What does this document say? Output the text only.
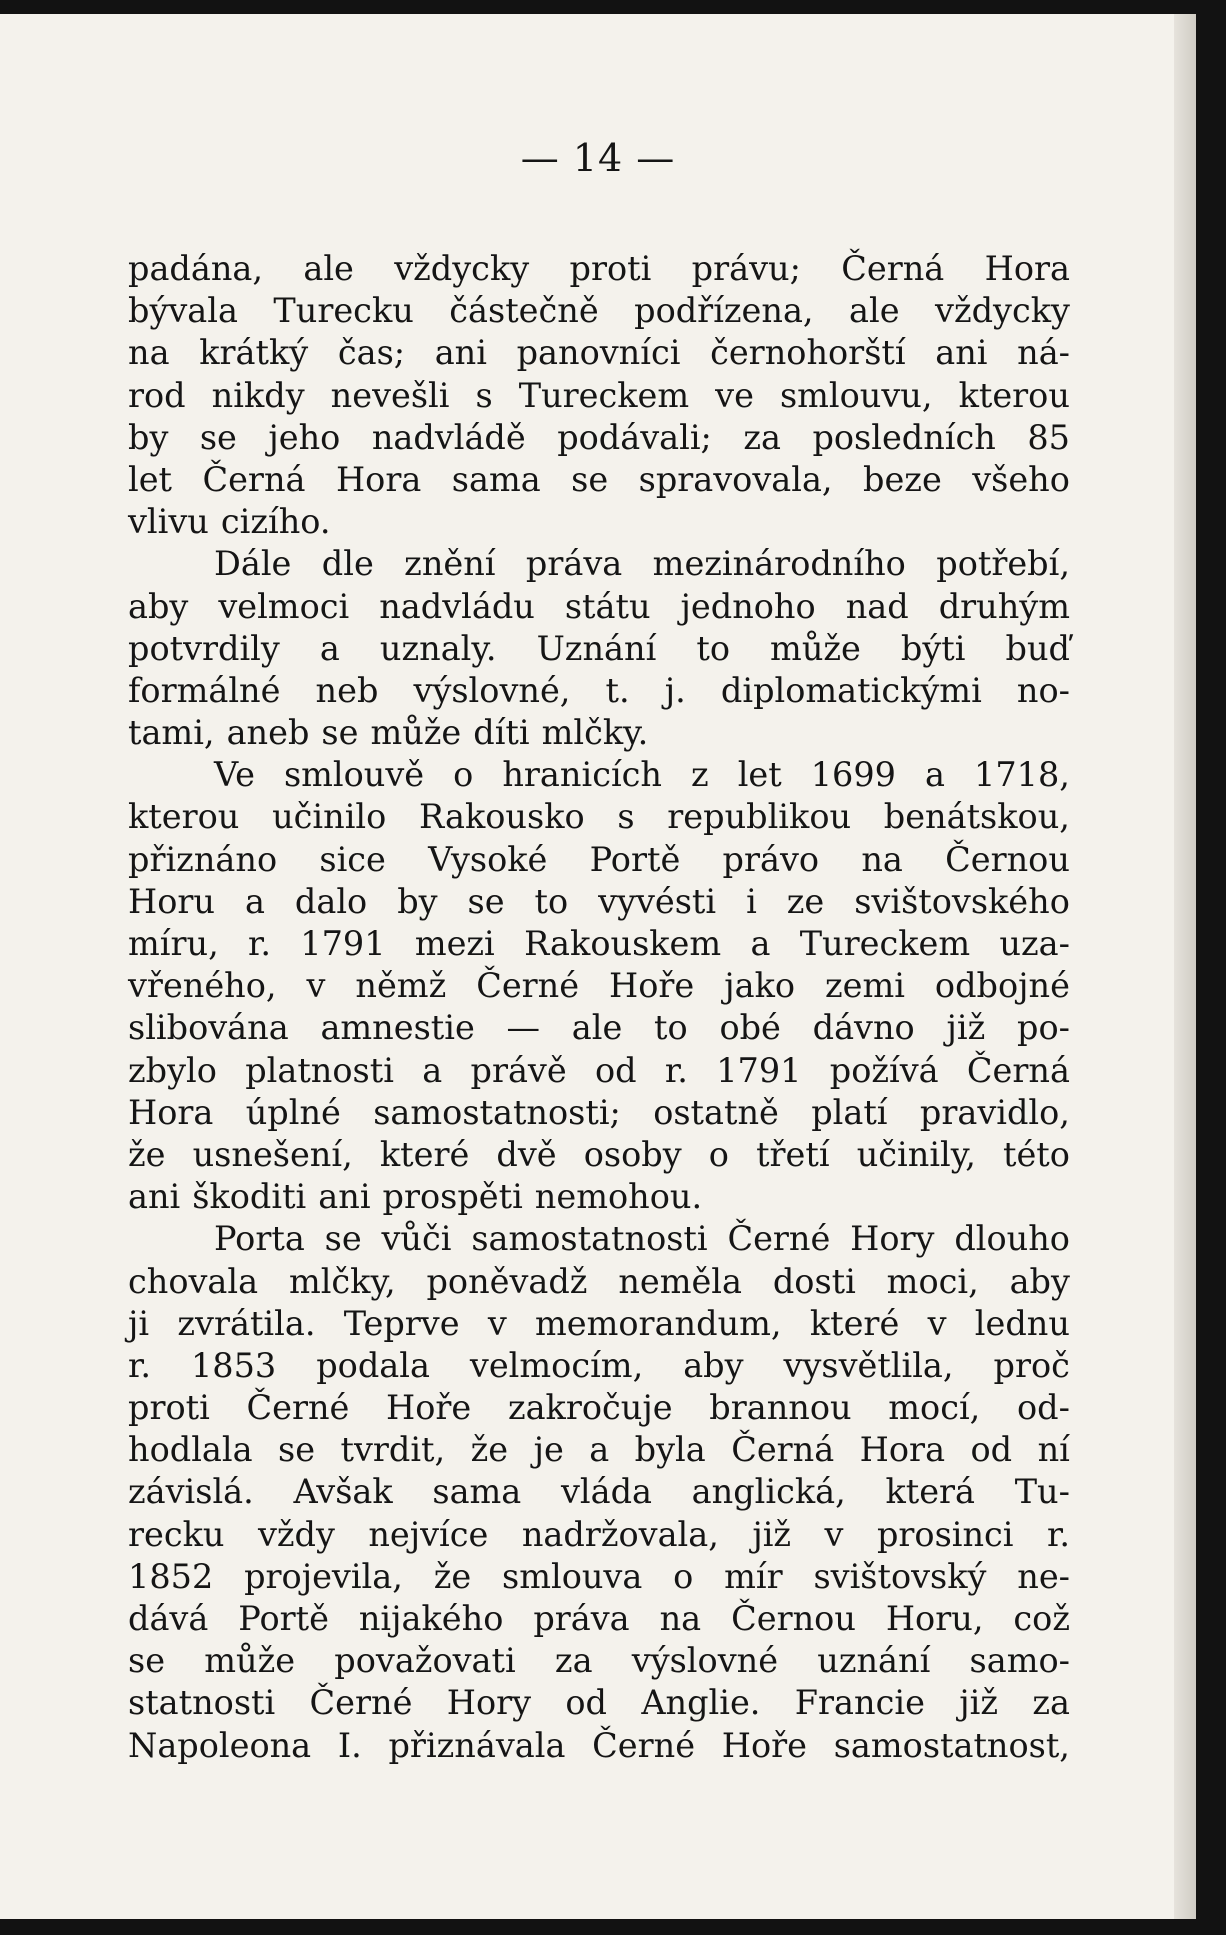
— 14 —
padána, ale vždycky proti právu; Černá Hora
bývala Turecku částečně podřízena, ale vždycky
na krátký čas; ani panovníci černohorští ani ná-
rod nikdy nevešli s Tureckem ve smlouvu, kterou
by se jeho nadvládě podávali; za posledních 85
let Černá Hora sama se spravovala, beze všeho
vlivu cizího.
Dále dle znění práva mezinárodního potřebí,
aby velmoci nadvládu státu jednoho nad druhým
potvrdily a uznaly. Uznání to může býti buď
formálné neb výslovné, t. j. diplomatickými no-
tami, aneb se může díti mlčky.
Ve smlouvě o hranicích z let 1699 a 1718,
kterou učinilo Rakousko s republikou benátskou,
přiznáno sice Vysoké Portě právo na Černou
Horu a dalo by se to vyvésti i ze svištovského
míru, r. 1791 mezi Rakouskem a Tureckem uza-
vřeného, v němž Černé Hoře jako zemi odbojné
slibována amnestie — ale to obé dávno již po-
zbylo platnosti a právě od r. 1791 požívá Černá
Hora úplné samostatnosti; ostatně platí pravidlo,
že usnešení, které dvě osoby o třetí učinily, této
ani škoditi ani prospěti nemohou.
Porta se vůči samostatnosti Černé Hory dlouho
chovala mlčky, poněvadž neměla dosti moci, aby
ji zvrátila. Teprve v memorandum, které v lednu
r. 1853 podala velmocím, aby vysvětlila, proč
proti Černé Hoře zakročuje brannou mocí, od-
hodlala se tvrdit, že je a byla Černá Hora od ní
závislá. Avšak sama vláda anglická, která Tu-
recku vždy nejvíce nadržovala, již v prosinci r.
1852 projevila, že smlouva o mír svištovský ne-
dává Portě nijakého práva na Černou Horu, což
se může považovati za výslovné uznání samo-
statnosti Černé Hory od Anglie. Francie již za
Napoleona I. přiznávala Černé Hoře samostatnost,
